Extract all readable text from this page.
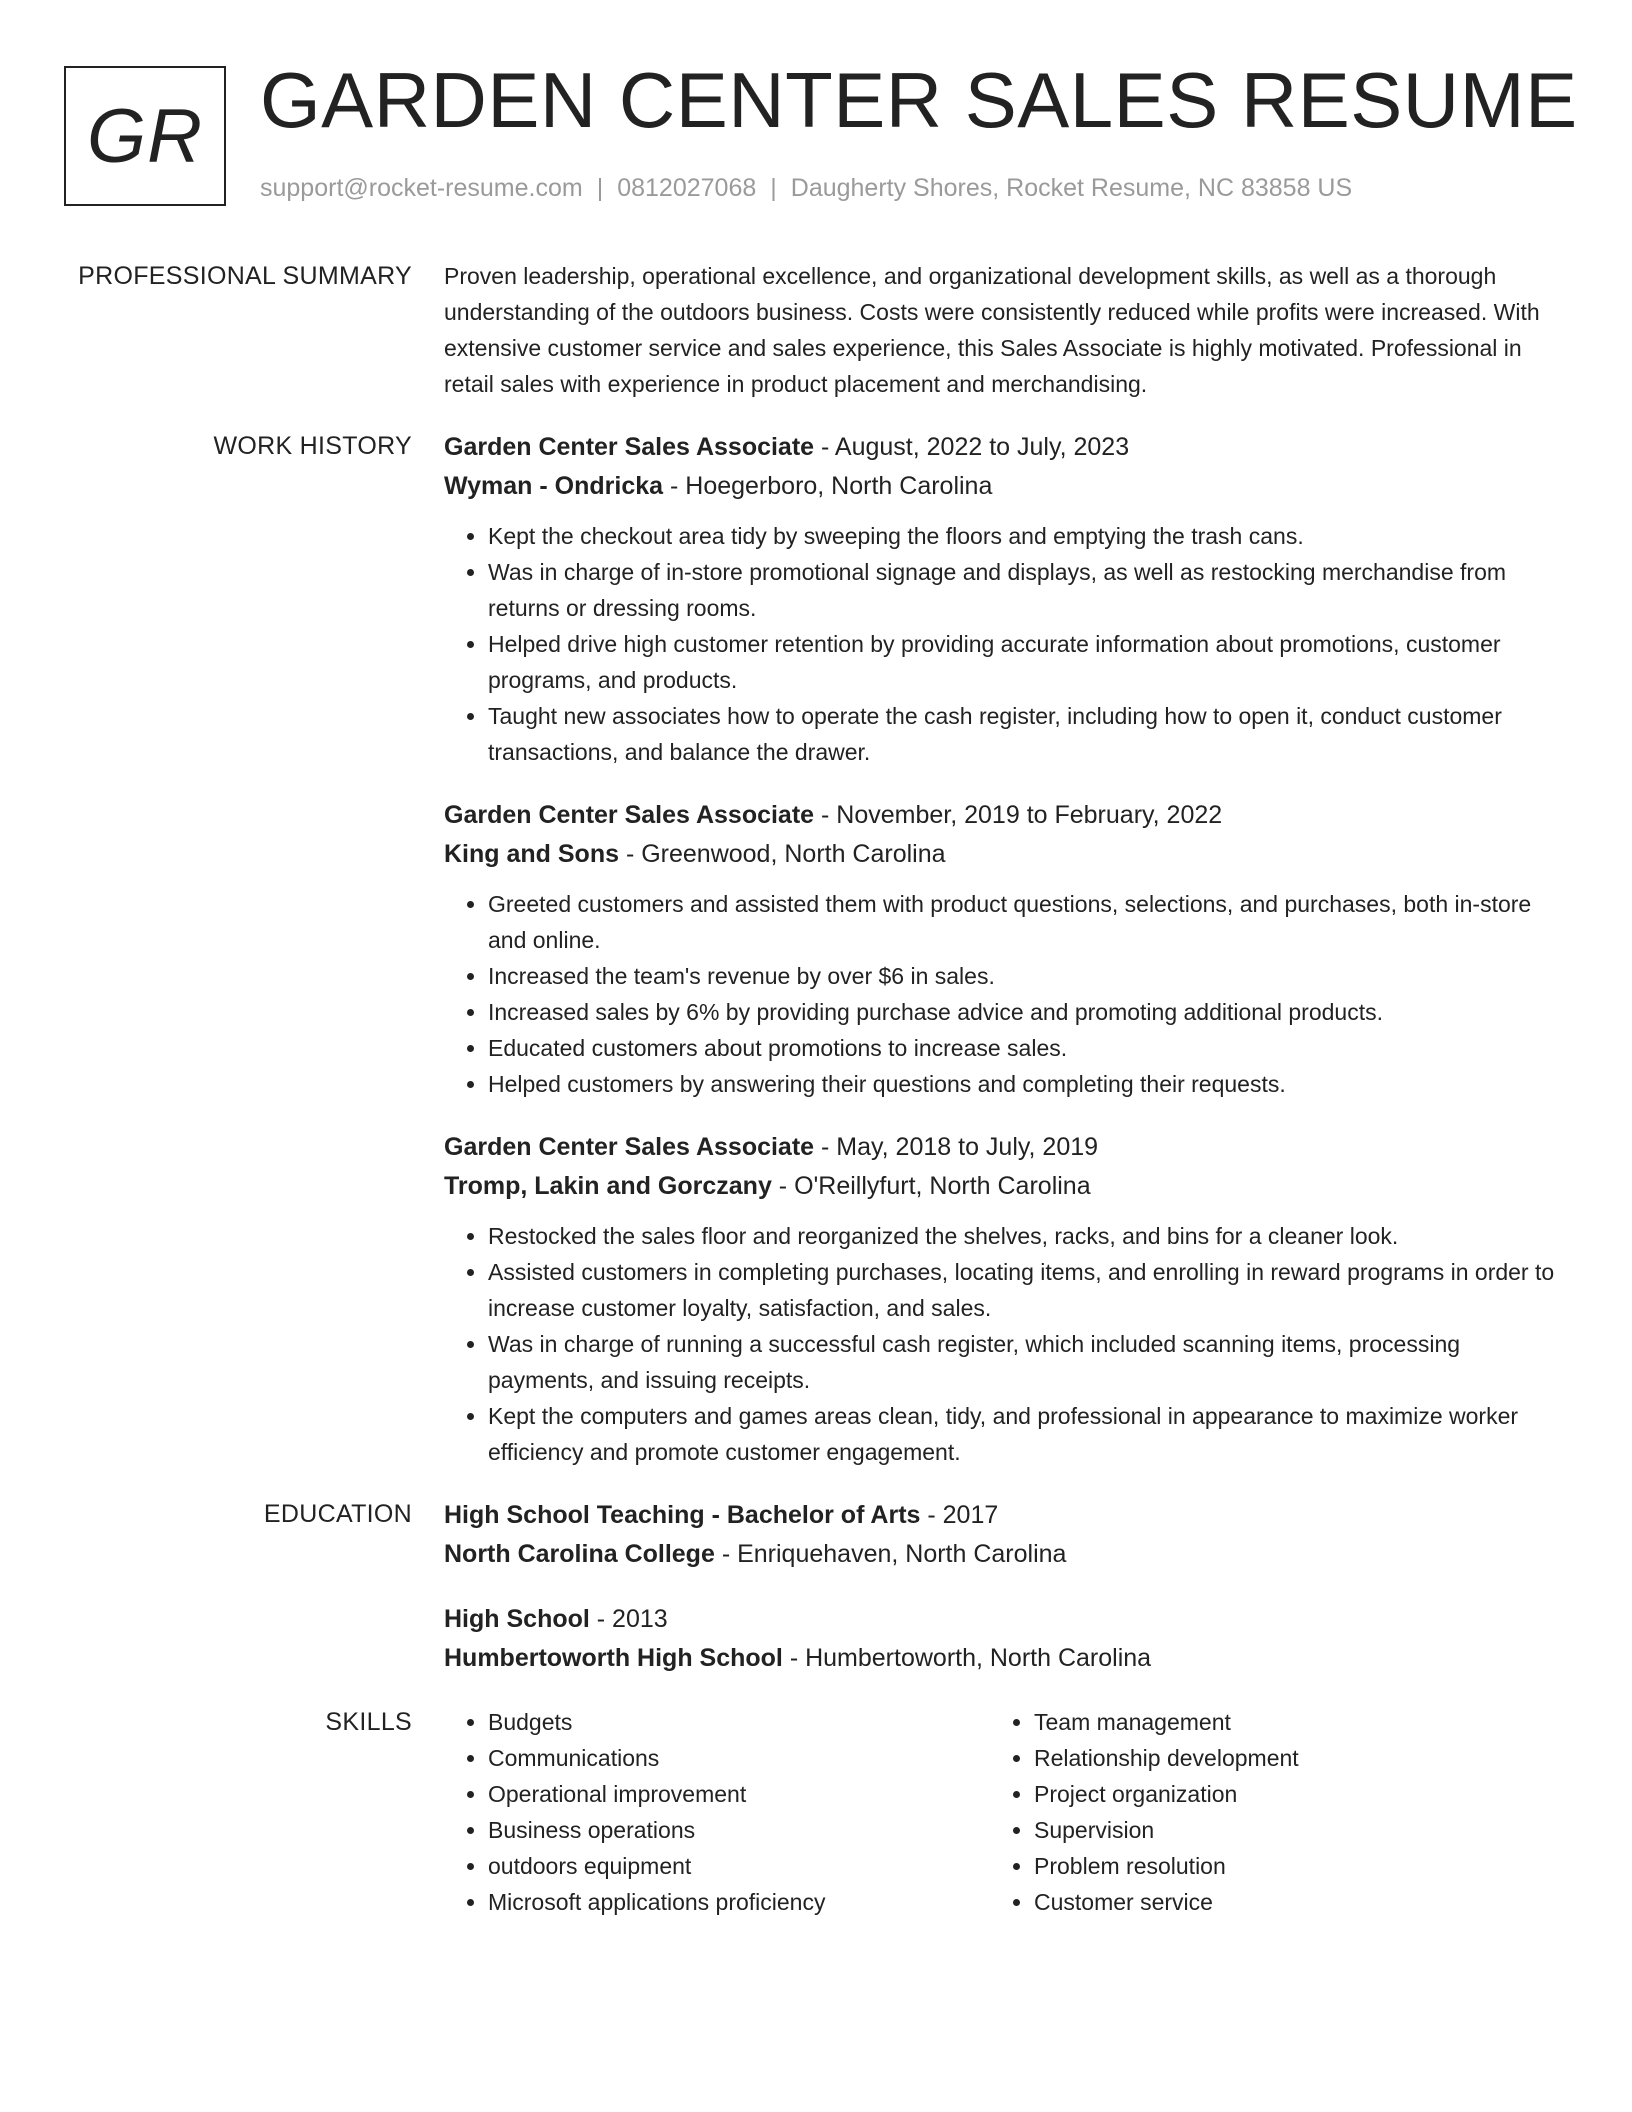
GR GARDEN CENTER SALES RESUME
support@rocket-resume.com | 0812027068 | Daugherty Shores, Rocket Resume, NC 83858 US
PROFESSIONAL SUMMARY Proven leadership, operational excellence, and organizational development skills, as well as a thorough understanding of the outdoors business. Costs were consistently reduced while profits were increased. With extensive customer service and sales experience, this Sales Associate is highly motivated. Professional in retail sales with experience in product placement and merchandising.

WORK HISTORY Garden Center Sales Associate - August, 2022 to July, 2023
Wyman - Ondricka - Hoegerboro, North Carolina
• Kept the checkout area tidy by sweeping the floors and emptying the trash cans.
• Was in charge of in-store promotional signage and displays, as well as restocking merchandise from returns or dressing rooms.
• Helped drive high customer retention by providing accurate information about promotions, customer programs, and products.
• Taught new associates how to operate the cash register, including how to open it, conduct customer transactions, and balance the drawer.
Garden Center Sales Associate - November, 2019 to February, 2022
King and Sons - Greenwood, North Carolina
• Greeted customers and assisted them with product questions, selections, and purchases, both in-store and online.
• Increased the team's revenue by over $6 in sales.
• Increased sales by 6% by providing purchase advice and promoting additional products.
• Educated customers about promotions to increase sales.
• Helped customers by answering their questions and completing their requests.
Garden Center Sales Associate - May, 2018 to July, 2019
Tromp, Lakin and Gorczany - O'Reillyfurt, North Carolina
• Restocked the sales floor and reorganized the shelves, racks, and bins for a cleaner look.
• Assisted customers in completing purchases, locating items, and enrolling in reward programs in order to increase customer loyalty, satisfaction, and sales.
• Was in charge of running a successful cash register, which included scanning items, processing payments, and issuing receipts.
• Kept the computers and games areas clean, tidy, and professional in appearance to maximize worker efficiency and promote customer engagement.
EDUCATION High School Teaching - Bachelor of Arts - 2017
North Carolina College - Enriquehaven, North Carolina
High School - 2013
Humbertoworth High School - Humbertoworth, North Carolina
SKILLS
•	Budgets
• Communications
• Operational improvement
• Business operations
• outdoors equipment
• Microsoft applications proficiency
• Team management
• Relationship development
• Project organization
• Supervision
• Problem resolution
• Customer service
